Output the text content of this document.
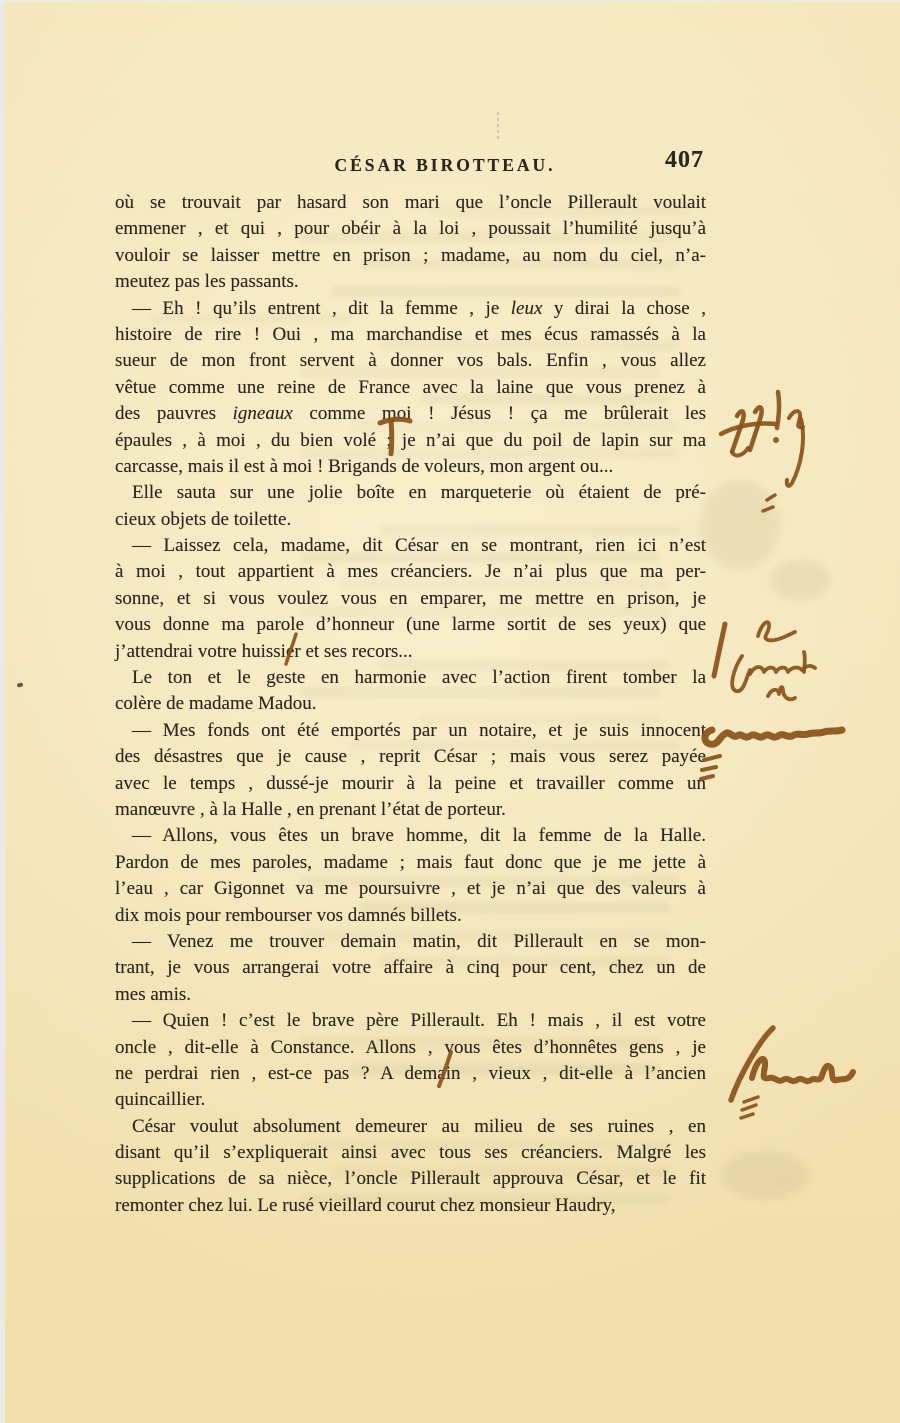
CÉSAR BIROTTEAU.	407
où se trouvait par hasard son mari que l’oncle Pillerault voulait
emmener , et qui , pour obéir à la loi , poussait l’humilité jusqu’à
vouloir se laisser mettre en prison ; madame, au nom du ciel, n’a-
meutez pas les passants.
— Eh ! qu’ils entrent , dit la femme , je leux y dirai la chose ,
histoire de rire ! Oui , ma marchandise et mes écus ramassés à la
sueur de mon front servent à donner vos bals. Enfin , vous allez
vêtue comme une reine de France avec la laine que vous prenez à
des pauvres igneaux comme moi ! Jésus ! ça me brûlerait les
épaules , à moi , du bien volé ; je n’ai que du poil de lapin sur ma
carcasse, mais il est à moi ! Brigands de voleurs, mon argent ou...
Elle sauta sur une jolie boîte en marqueterie où étaient de pré-
cieux objets de toilette.
— Laissez cela, madame, dit César en se montrant, rien ici n’est
à moi , tout appartient à mes créanciers. Je n’ai plus que ma per-
sonne, et si vous voulez vous en emparer, me mettre en prison, je
vous donne ma parole d’honneur (une larme sortit de ses yeux) que
j’attendrai votre huissier et ses recors...
Le ton et le geste en harmonie avec l’action firent tomber la
colère de madame Madou.
— Mes fonds ont été emportés par un notaire, et je suis innocent
des désastres que je cause , reprit César ; mais vous serez payée
avec le temps , dussé-je mourir à la peine et travailler comme un
manœuvre , à la Halle , en prenant l’état de porteur.
— Allons, vous êtes un brave homme, dit la femme de la Halle.
Pardon de mes paroles, madame ; mais faut donc que je me jette à
l’eau , car Gigonnet va me poursuivre , et je n’ai que des valeurs à
dix mois pour rembourser vos damnés billets.
— Venez me trouver demain matin, dit Pillerault en se mon-
trant, je vous arrangerai votre affaire à cinq pour cent, chez un de
mes amis.
— Quien ! c’est le brave père Pillerault. Eh ! mais , il est votre
oncle , dit-elle à Constance. Allons , vous êtes d’honnêtes gens , je
ne perdrai rien , est-ce pas ? A demain , vieux , dit-elle à l’ancien
quincaillier.
César voulut absolument demeurer au milieu de ses ruines , en
disant qu’il s’expliquerait ainsi avec tous ses créanciers. Malgré les
supplications de sa nièce, l’oncle Pillerault approuva César, et le fit
remonter chez lui. Le rusé vieillard courut chez monsieur Haudry,
